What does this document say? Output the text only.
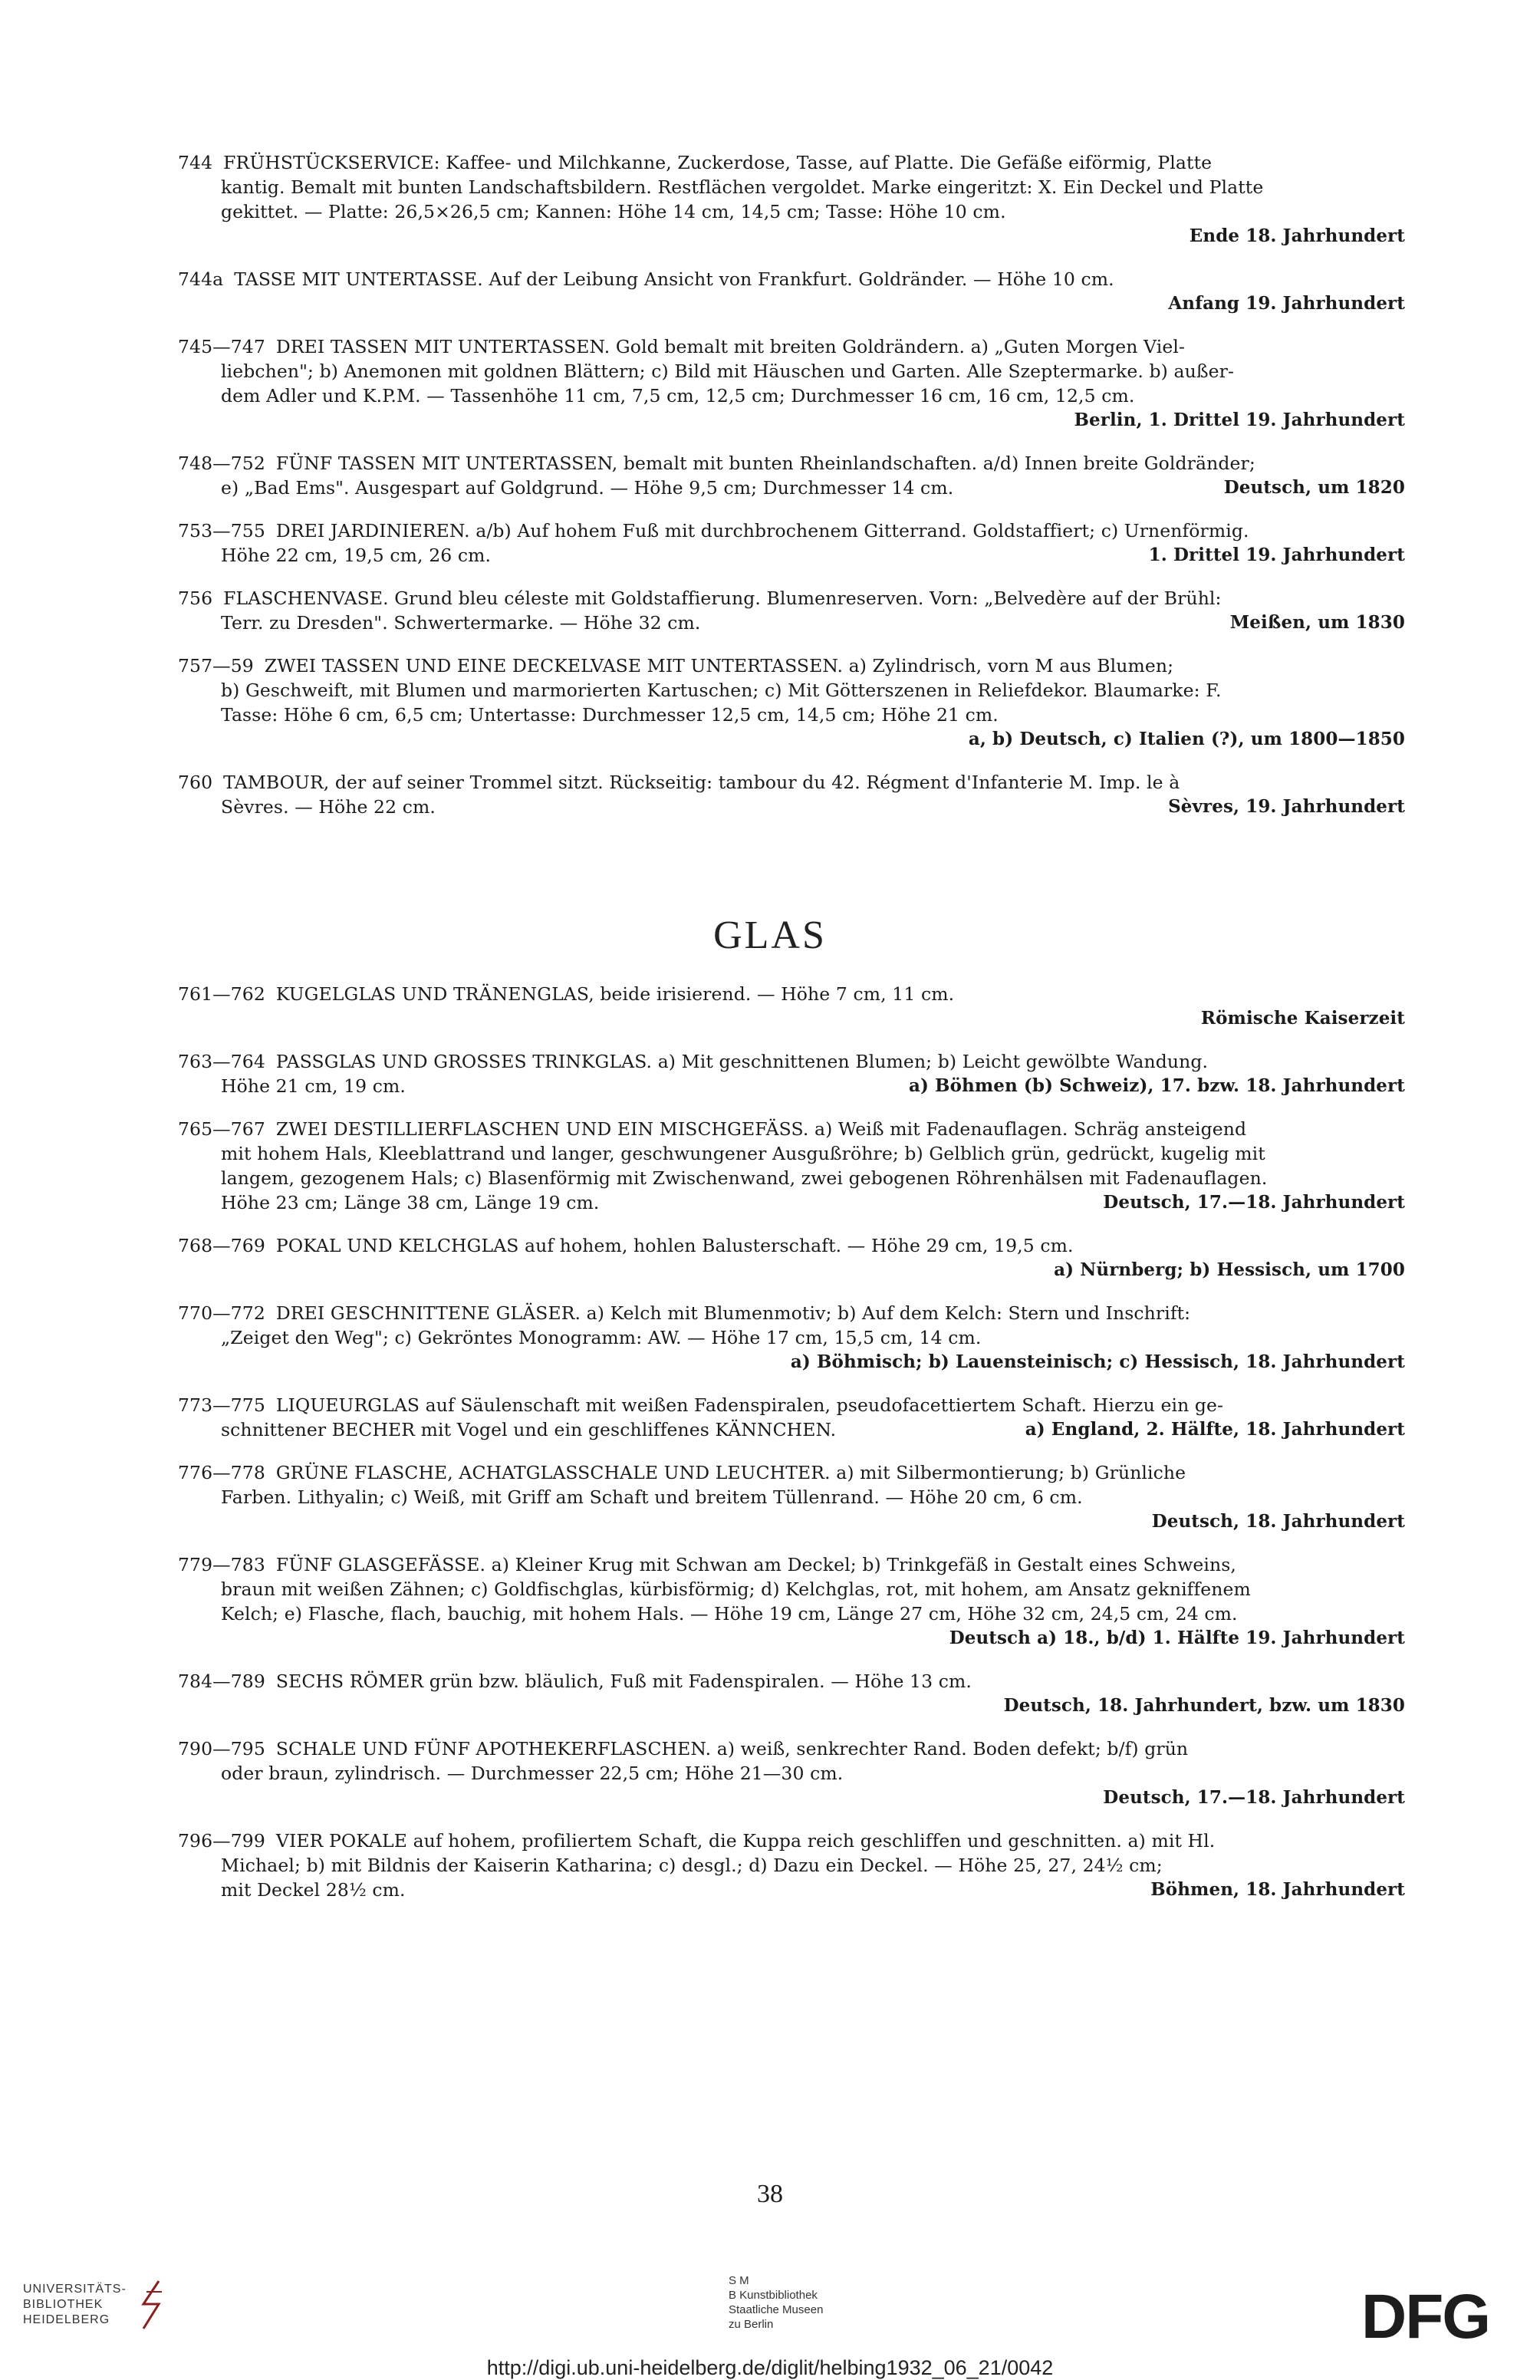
744 FRÜHSTÜCKSERVICE: Kaffee- und Milchkanne, Zuckerdose, Tasse, auf Platte. Die Gefäße eiförmig, Platte
kantig. Bemalt mit bunten Landschaftsbildern. Restflächen vergoldet. Marke eingeritzt: X. Ein Deckel und Platte
gekittet. — Platte: 26,5×26,5 cm; Kannen: Höhe 14 cm, 14,5 cm; Tasse: Höhe 10 cm.
Ende 18. Jahrhundert
744a TASSE MIT UNTERTASSE. Auf der Leibung Ansicht von Frankfurt. Goldränder. — Höhe 10 cm.
Anfang 19. Jahrhundert
745—747 DREI TASSEN MIT UNTERTASSEN. Gold bemalt mit breiten Goldrändern. a) „Guten Morgen Viel-
liebchen"; b) Anemonen mit goldnen Blättern; c) Bild mit Häuschen und Garten. Alle Szeptermarke. b) außer-
dem Adler und K.P.M. — Tassenhöhe 11 cm, 7,5 cm, 12,5 cm; Durchmesser 16 cm, 16 cm, 12,5 cm.
Berlin, 1. Drittel 19. Jahrhundert
748—752 FÜNF TASSEN MIT UNTERTASSEN, bemalt mit bunten Rheinlandschaften. a/d) Innen breite Goldränder;
e) „Bad Ems". Ausgespart auf Goldgrund. — Höhe 9,5 cm; Durchmesser 14 cm.	Deutsch, um 1820
753—755 DREI JARDINIEREN. a/b) Auf hohem Fuß mit durchbrochenem Gitterrand. Goldstaffiert; c) Urnenförmig.
Höhe 22 cm, 19,5 cm, 26 cm.	1. Drittel 19. Jahrhundert
756 FLASCHENVASE. Grund bleu céleste mit Goldstaffierung. Blumenreserven. Vorn: „Belvedère auf der Brühl:
Terr. zu Dresden". Schwertermarke. — Höhe 32 cm.	Meißen, um 1830
757—59 ZWEI TASSEN UND EINE DECKELVASE MIT UNTERTASSEN. a) Zylindrisch, vorn M aus Blumen;
b) Geschweift, mit Blumen und marmorierten Kartuschen; c) Mit Götterszenen in Reliefdekor. Blaumarke: F.
Tasse: Höhe 6 cm, 6,5 cm; Untertasse: Durchmesser 12,5 cm, 14,5 cm; Höhe 21 cm.
a, b) Deutsch, c) Italien (?), um 1800—1850
760 TAMBOUR, der auf seiner Trommel sitzt. Rückseitig: tambour du 42. Régment d'Infanterie M. Imp. le à
Sèvres. — Höhe 22 cm.	Sèvres, 19. Jahrhundert
GLAS
761—762 KUGELGLAS UND TRÄNENGLAS, beide irisierend. — Höhe 7 cm, 11 cm.
Römische Kaiserzeit
763—764 PASSGLAS UND GROSSES TRINKGLAS. a) Mit geschnittenen Blumen; b) Leicht gewölbte Wandung.
Höhe 21 cm, 19 cm.	a) Böhmen (b) Schweiz), 17. bzw. 18. Jahrhundert
765—767 ZWEI DESTILLIERFLASCHEN UND EIN MISCHGEFÄSS. a) Weiß mit Fadenauflagen. Schräg ansteigend
mit hohem Hals, Kleeblattrand und langer, geschwungener Ausgußröhre; b) Gelblich grün, gedrückt, kugelig mit
langem, gezogenem Hals; c) Blasenförmig mit Zwischenwand, zwei gebogenen Röhrenhälsen mit Fadenauflagen.
Höhe 23 cm; Länge 38 cm, Länge 19 cm.	Deutsch, 17.—18. Jahrhundert
768—769 POKAL UND KELCHGLAS auf hohem, hohlen Balusterschaft. — Höhe 29 cm, 19,5 cm.
a) Nürnberg; b) Hessisch, um 1700
770—772 DREI GESCHNITTENE GLÄSER. a) Kelch mit Blumenmotiv; b) Auf dem Kelch: Stern und Inschrift:
„Zeiget den Weg"; c) Gekröntes Monogramm: AW. — Höhe 17 cm, 15,5 cm, 14 cm.
a) Böhmisch; b) Lauensteinisch; c) Hessisch, 18. Jahrhundert
773—775 LIQUEURGLAS auf Säulenschaft mit weißen Fadenspiralen, pseudofacettiertem Schaft. Hierzu ein ge-
schnittener BECHER mit Vogel und ein geschliffenes KÄNNCHEN.	a) England, 2. Hälfte, 18. Jahrhundert
776—778 GRÜNE FLASCHE, ACHATGLASSCHALE UND LEUCHTER. a) mit Silbermontierung; b) Grünliche
Farben. Lithyalin; c) Weiß, mit Griff am Schaft und breitem Tüllenrand. — Höhe 20 cm, 6 cm.
Deutsch, 18. Jahrhundert
779—783 FÜNF GLASGEFÄSSE. a) Kleiner Krug mit Schwan am Deckel; b) Trinkgefäß in Gestalt eines Schweins,
braun mit weißen Zähnen; c) Goldfischglas, kürbisförmig; d) Kelchglas, rot, mit hohem, am Ansatz gekniffenem
Kelch; e) Flasche, flach, bauchig, mit hohem Hals. — Höhe 19 cm, Länge 27 cm, Höhe 32 cm, 24,5 cm, 24 cm.
Deutsch a) 18., b/d) 1. Hälfte 19. Jahrhundert
784—789 SECHS RÖMER grün bzw. bläulich, Fuß mit Fadenspiralen. — Höhe 13 cm.
Deutsch, 18. Jahrhundert, bzw. um 1830
790—795 SCHALE UND FÜNF APOTHEKERFLASCHEN. a) weiß, senkrechter Rand. Boden defekt; b/f) grün
oder braun, zylindrisch. — Durchmesser 22,5 cm; Höhe 21—30 cm.
Deutsch, 17.—18. Jahrhundert
796—799 VIER POKALE auf hohem, profiliertem Schaft, die Kuppa reich geschliffen und geschnitten. a) mit Hl.
Michael; b) mit Bildnis der Kaiserin Katharina; c) desgl.; d) Dazu ein Deckel. — Höhe 25, 27, 24½ cm;
mit Deckel 28½ cm.	Böhmen, 18. Jahrhundert
38
UNIVERSITÄTS-
BIBLIOTHEK
HEIDELBERG
S M
B Kunstbibliothek
Staatliche Museen
zu Berlin	DFG
http://digi.ub.uni-heidelberg.de/diglit/helbing1932_06_21/0042
